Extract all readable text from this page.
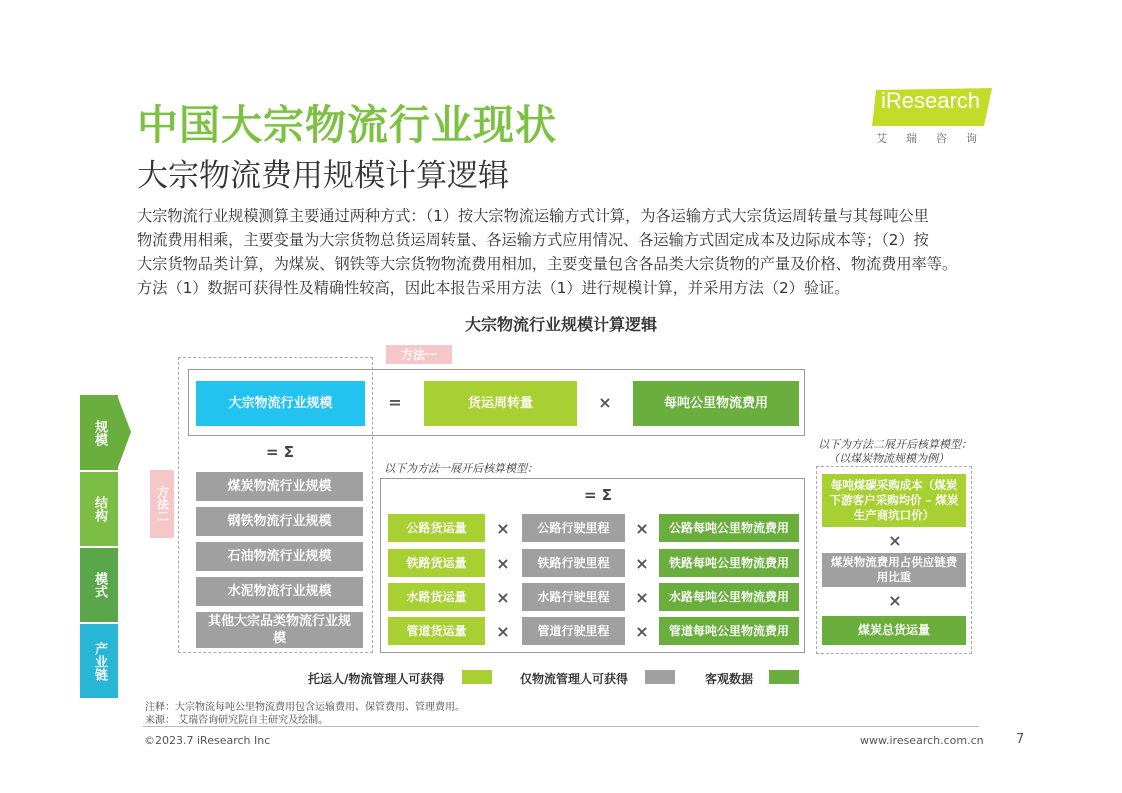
中国大宗物流行业现状
大宗物流费用规模计算逻辑
iResearch
艾瑞咨询

大宗物流行业规模测算主要通过两种方式：（1）按大宗物流运输方式计算，为各运输方式大宗货运周转量与其每吨公里

物流费用相乘，主要变量为大宗货物总货运周转量、各运输方式应用情况、各运输方式固定成本及边际成本等；（2）按

大宗货物品类计算，为煤炭、钢铁等大宗货物物流费用相加，主要变量包含各品类大宗货物的产量及价格、物流费用率等。

方法（1）数据可获得性及精确性较高，因此本报告采用方法（1）进行规模计算，并采用方法（2）验证。

大宗物流行业规模计算逻辑
规模
结构
模式
产业链
方法一
大宗物流行业规模	=	货运周转量	×	每吨公里物流费用
= Σ
方法二	煤炭物流行业规模
钢铁物流行业规模
石油物流行业规模
水泥物流行业规模
其他大宗品类物流行业规模
以下为方法一展开后核算模型：
= Σ
公路货运量	×	公路行驶里程	×	公路每吨公里物流费用
铁路货运量	×	铁路行驶里程	×	铁路每吨公里物流费用
水路货运量	×	水路行驶里程	×	水路每吨公里物流费用
管道货运量	×	管道行驶里程	×	管道每吨公里物流费用
以下为方法二展开后核算模型：
（以煤炭物流规模为例）
每吨煤碳采购成本（煤炭下游客户采购均价 – 煤炭生产商坑口价）
×
煤炭物流费用占供应链费用比重
×
煤炭总货运量
托运人/物流管理人可获得	仅物流管理人可获得	客观数据
注释：大宗物流每吨公里物流费用包含运输费用、保管费用、管理费用。
来源： 艾瑞咨询研究院自主研究及绘制。
©2023.7 iResearch Inc	www.iresearch.com.cn 7
